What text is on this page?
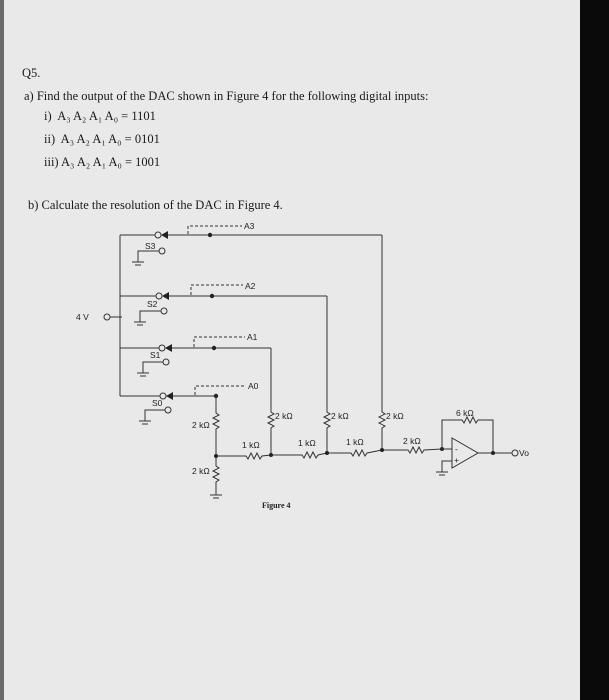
Q5.
a) Find the output of the DAC shown in Figure 4 for the following digital inputs:
i) A₃ A₂ A₁ A₀ = 1101
ii) A₃ A₂ A₁ A₀ = 0101
iii) A₃ A₂ A₁ A₀ = 1001
b) Calculate the resolution of the DAC in Figure 4.
4 V
S3
A3
S2
A2
S1
A1
S0
A0
2 kΩ
2 kΩ	2 kΩ	2 kΩ
2 kΩ
1 kΩ	1 kΩ	1 kΩ	2 kΩ
-
+
6 kΩ
Vo
Figure 4
